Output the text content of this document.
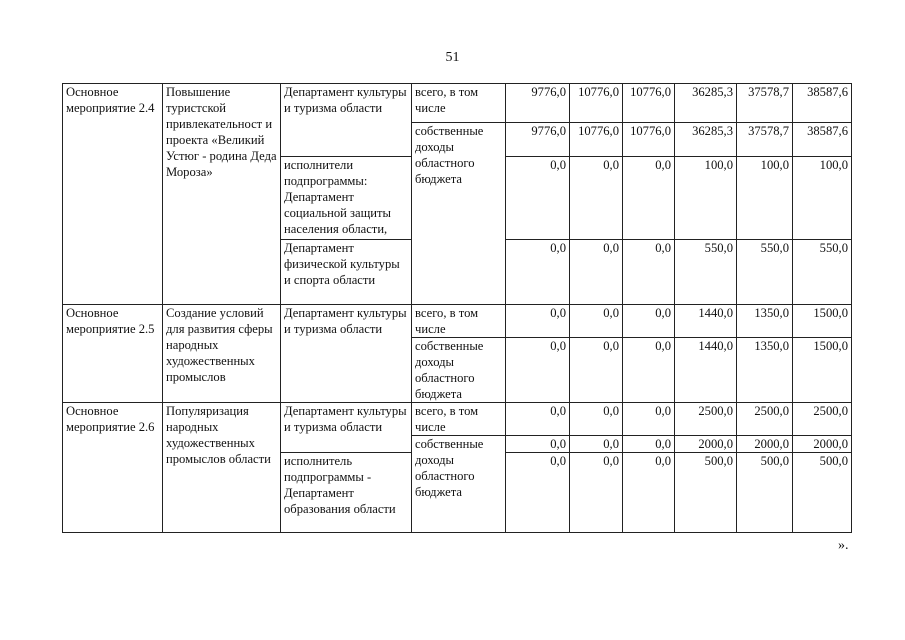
51
Основное мероприятие 2.4	Повышение туристской привлекательност и проекта «Великий Устюг - родина Деда Мороза»	Департамент культуры и туризма области	всего, в том числе	9776,0	10776,0	10776,0	36285,3	37578,7	38587,6
			собственные доходы областного бюджета	9776,0	10776,0	10776,0	36285,3	37578,7	38587,6
		исполнители подпрограммы: Департамент социальной защиты населения области,		0,0	0,0	0,0	100,0	100,0	100,0
		Департамент физической культуры и спорта области		0,0	0,0	0,0	550,0	550,0	550,0
Основное мероприятие 2.5	Создание условий для развития сферы народных художественных промыслов	Департамент культуры и туризма области	всего, в том числе	0,0	0,0	0,0	1440,0	1350,0	1500,0
			собственные доходы областного бюджета	0,0	0,0	0,0	1440,0	1350,0	1500,0
Основное мероприятие 2.6	Популяризация народных художественных промыслов области	Департамент культуры и туризма области	всего, в том числе	0,0	0,0	0,0	2500,0	2500,0	2500,0
			собственные доходы областного бюджета	0,0	0,0	0,0	2000,0	2000,0	2000,0
		исполнитель подпрограммы - Департамент образования области		0,0	0,0	0,0	500,0	500,0	500,0
».
